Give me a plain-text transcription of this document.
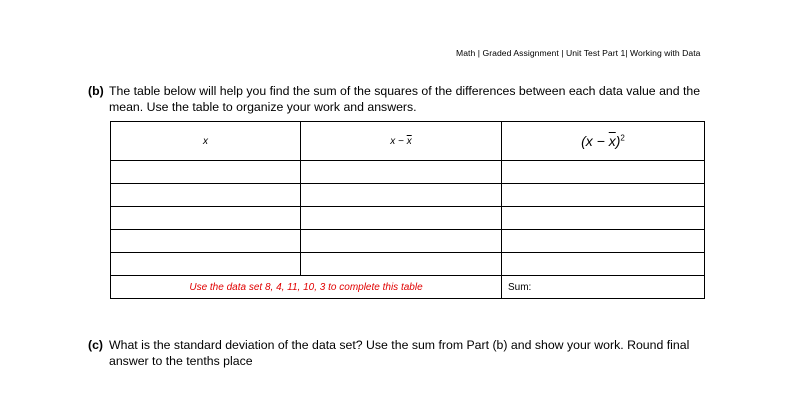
Math | Graded Assignment | Unit Test Part 1| Working with Data
(b) The table below will help you find the sum of the squares of the differences between each data value and the
mean. Use the table to organize your work and answers.
x	$x - \overline{x}$	$(x - \overline{x})^2$

Use the data set 8, 4, 11, 10, 3 to complete this table		Sum:
(c) What is the standard deviation of the data set? Use the sum from Part (b) and show your work. Round final
answer to the tenths place
